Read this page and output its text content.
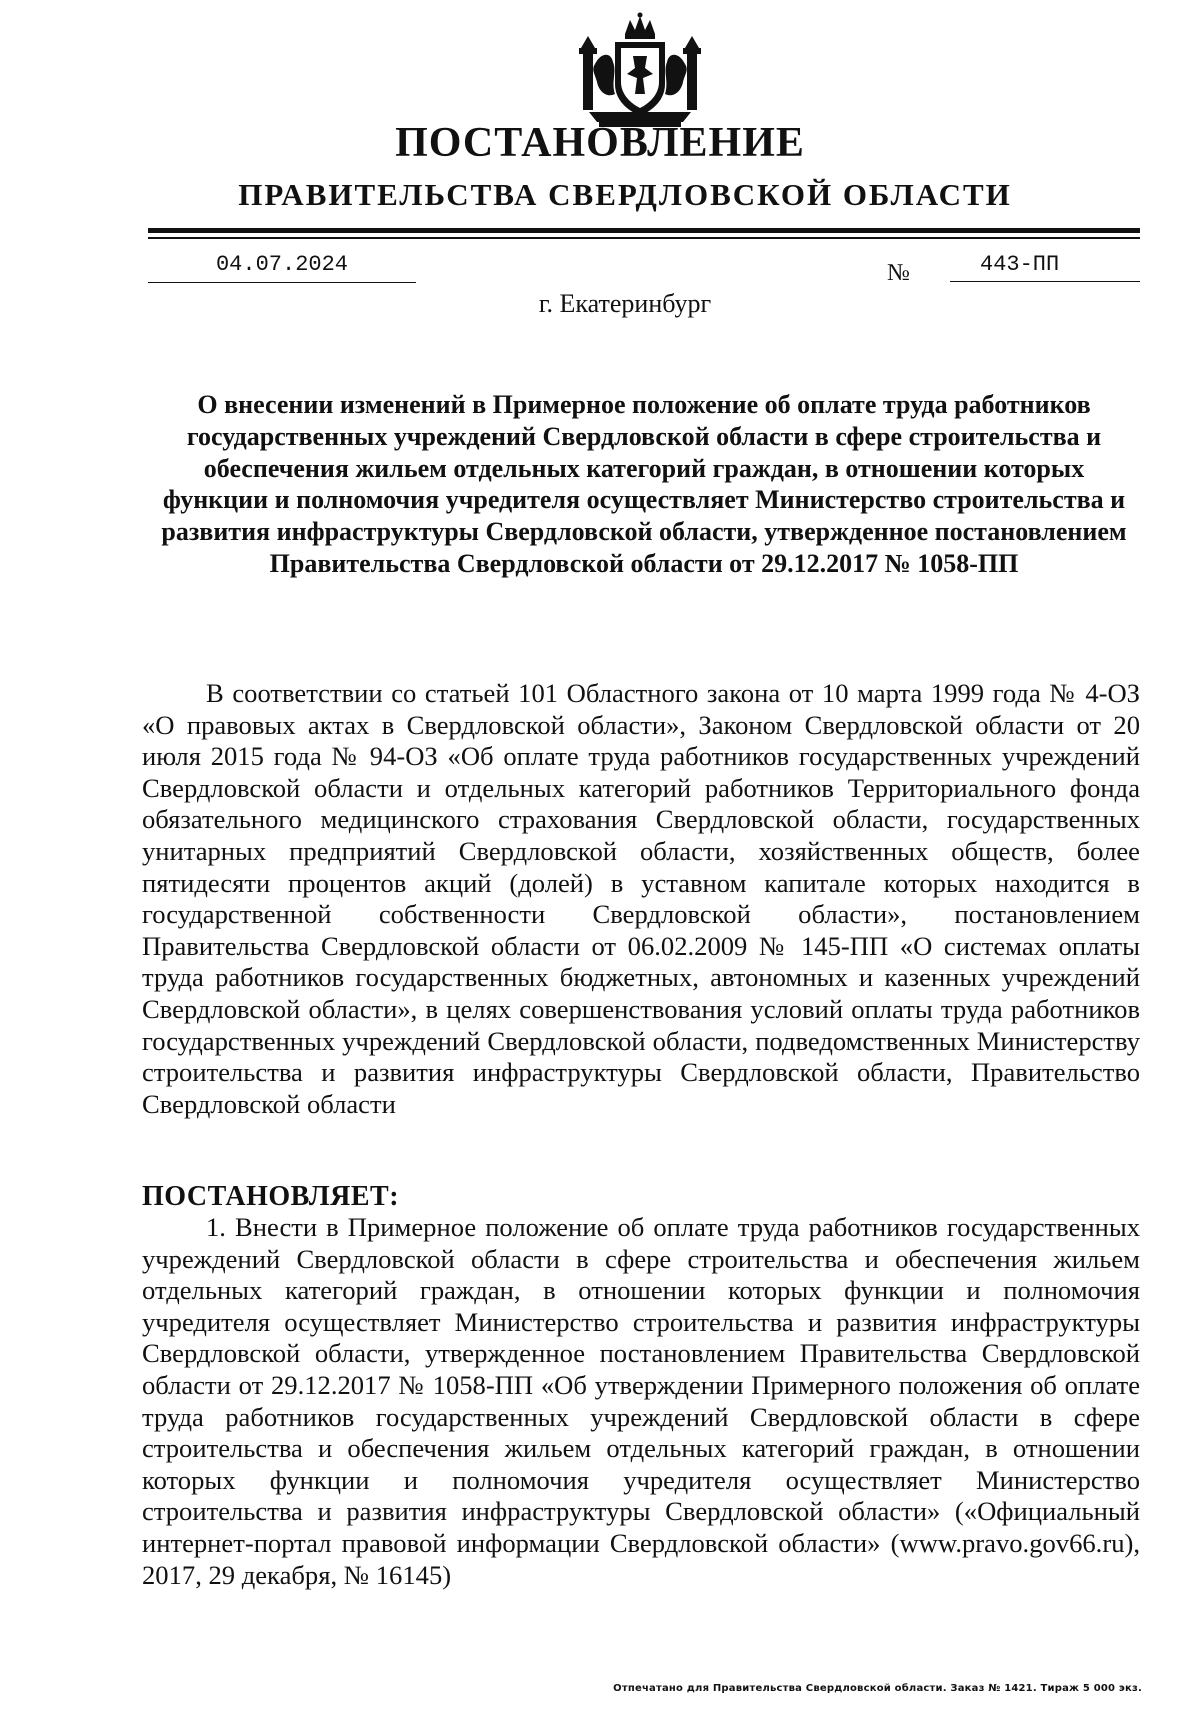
ПОСТАНОВЛЕНИЕ
ПРАВИТЕЛЬСТВА СВЕРДЛОВСКОЙ ОБЛАСТИ
04.07.2024	№	443-ПП
г. Екатеринбург
О внесении изменений в Примерное положение об оплате труда работников государственных учреждений Свердловской области в сфере строительства и обеспечения жильем отдельных категорий граждан, в отношении которых функции и полномочия учредителя осуществляет Министерство строительства и развития инфраструктуры Свердловской области, утвержденное постановлением Правительства Свердловской области от 29.12.2017 № 1058-ПП

В соответствии со статьей 101 Областного закона от 10 марта 1999 года № 4-ОЗ «О правовых актах в Свердловской области», Законом Свердловской области от 20 июля 2015 года № 94-ОЗ «Об оплате труда работников государственных учреждений Свердловской области и отдельных категорий работников Территориального фонда обязательного медицинского страхования Свердловской области, государственных унитарных предприятий Свердловской области, хозяйственных обществ, более пятидесяти процентов акций (долей) в уставном капитале которых находится в государственной собственности Свердловской области», постановлением Правительства Свердловской области от 06.02.2009 № 145-ПП «О системах оплаты труда работников государственных бюджетных, автономных и казенных учреждений Свердловской области», в целях совершенствования условий оплаты труда работников государственных учреждений Свердловской области, подведомственных Министерству строительства и развития инфраструктуры Свердловской области, Правительство Свердловской области

ПОСТАНОВЛЯЕТ:

1. Внести в Примерное положение об оплате труда работников государственных учреждений Свердловской области в сфере строительства и обеспечения жильем отдельных категорий граждан, в отношении которых функции и полномочия учредителя осуществляет Министерство строительства и развития инфраструктуры Свердловской области, утвержденное постановлением Правительства Свердловской области от 29.12.2017 № 1058-ПП «Об утверждении Примерного положения об оплате труда работников государственных учреждений Свердловской области в сфере строительства и обеспечения жильем отдельных категорий граждан, в отношении которых функции и полномочия учредителя осуществляет Министерство строительства и развития инфраструктуры Свердловской области» («Официальный интернет-портал правовой информации Свердловской области» (www.pravo.gov66.ru), 2017, 29 декабря, № 16145)

Отпечатано для Правительства Свердловской области. Заказ № 1421. Тираж 5 000 экз.
